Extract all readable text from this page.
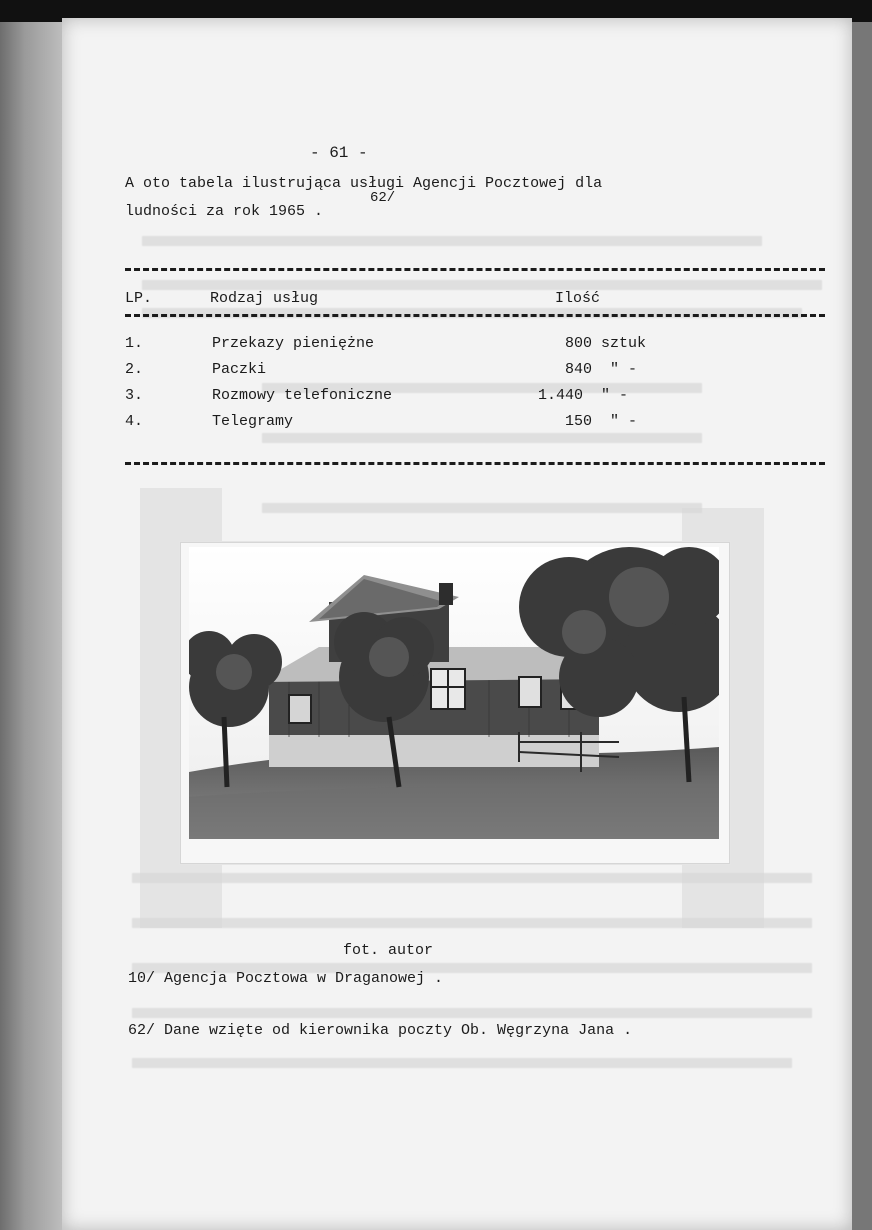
- 61 -
A oto tabela ilustrująca usługi Agencji Pocztowej dla
62/
ludności za rok 1965 .
LP.	Rodzaj usług	Ilość
1.	Przekazy pieniężne	800 sztuk
2.	Paczki	840  " -
3.	Rozmowy telefoniczne	1.440  " -
4.	Telegramy	150  " -
fot. autor
10/ Agencja Pocztowa w Draganowej .
62/ Dane wzięte od kierownika poczty Ob. Węgrzyna Jana .
